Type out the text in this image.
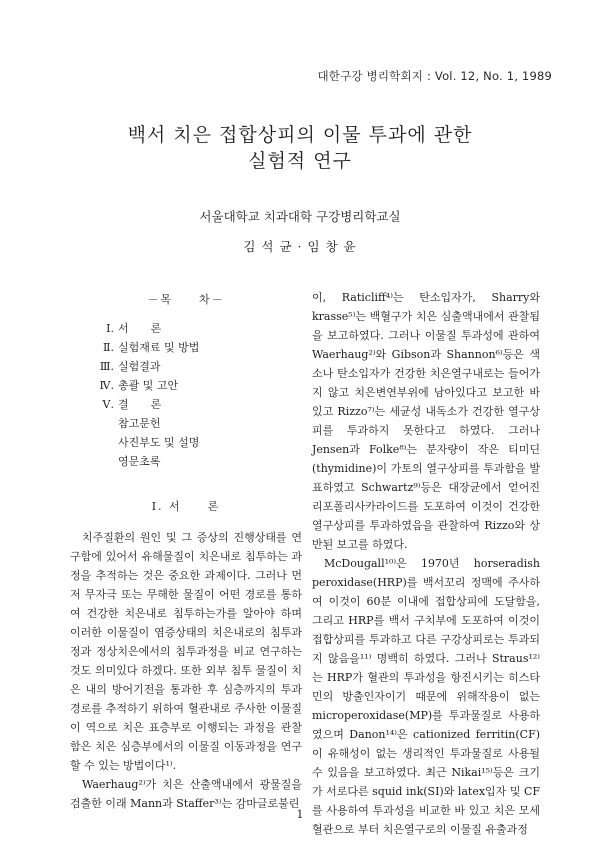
대한구강 병리학회지 : Vol. 12, No. 1, 1989
백서 치은 접합상피의 이물 투과에 관한
실험적 연구
서울대학교 치과대학 구강병리학교실
김 석 균 · 임 창 윤
－목　　차－
Ⅰ. 서　　론
Ⅱ. 실험재료 및 방법
Ⅲ. 실험결과
Ⅳ. 총괄 및 고안
Ⅴ. 결　　론
참고문헌
사진부도 및 설명
영문초록
Ⅰ. 서　　론

치주질환의 원인 및 그 증상의 진행상태를 연구함에 있어서 유해물질이 치은내로 침투하는 과정을 추적하는 것은 중요한 과제이다. 그러나 먼저 무자극 또는 무해한 물질이 어떤 경로를 통하여 건강한 치은내로 침투하는가를 알아야 하며 이러한 이물질이 염증상태의 치은내로의 침투과정과 정상치은에서의 침투과정을 비교 연구하는 것도 의미있다 하겠다. 또한 외부 침투 물질이 치은 내의 방어기전을 통과한 후 심층까지의 투과경로를 추적하기 위하여 혈관내로 주사한 이물질이 역으로 치은 표층부로 이행되는 과정을 관찰함은 치은 심층부에서의 이물질 이동과정을 연구할 수 있는 방법이다¹⁾.

Waerhaug²⁾가 치은 산출액내에서 광물질을 검출한 이래 Mann과 Staffer³⁾는 감마글로불린

이, Raticliff⁴⁾는 탄소입자가, Sharry와 krasse⁵⁾는 백혈구가 치은 심출액내에서 관찰됨을 보고하였다. 그러나 이물질 투과성에 관하여 Waerhaug²⁾와 Gibson과 Shannon⁶⁾등은 색소나 탄소입자가 건강한 치은열구내로는 들어가지 않고 치은변연부위에 남아있다고 보고한 바 있고 Rizzo⁷⁾는 세균성 내독소가 건강한 열구상피를 투과하지 못한다고 하였다. 그러나 Jensen과 Folke⁸⁾는 분자량이 작은 티미딘(thymidine)이 가토의 열구상피를 투과함을 발표하였고 Schwartz⁹⁾등은 대장균에서 얻어진 리포폴리사카라이드를 도포하여 이것이 건강한 열구상피를 투과하였음을 관찰하여 Rizzo와 상반된 보고를 하였다.

McDougall¹⁰⁾은 1970년 horseradish peroxidase(HRP)를 백서꼬리 정맥에 주사하여 이것이 60분 이내에 접합상피에 도달함을, 그리고 HRP를 백서 구치부에 도포하여 이것이 접합상피를 투과하고 다른 구강상피로는 투과되지 않음을¹¹⁾ 명백히 하였다. 그러나 Straus¹²⁾는 HRP가 혈관의 투과성을 항진시키는 히스타민의 방출인자이기 때문에 위해작용이 없는 microperoxidase(MP)를 투과물질로 사용하였으며 Danon¹⁴⁾은 cationized ferritin(CF)이 유해성이 없는 생리적인 투과물질로 사용될 수 있음을 보고하였다. 최근 Nikai¹⁵⁾등은 크기가 서로다른 squid ink(SI)와 latex입자 및 CF를 사용하여 투과성을 비교한 바 있고 치은 모세혈관으로 부터 치은열구로의 이물질 유출과정

1
